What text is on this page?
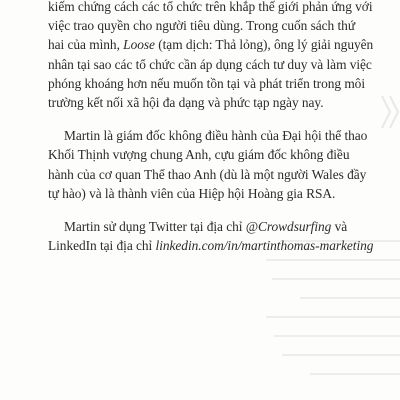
kiếm chứng cách các tổ chức trên khắp thế giới phản ứng với
việc trao quyền cho người tiêu dùng. Trong cuốn sách thứ
hai của mình, Loose (tạm dịch: Thả lỏng), ông lý giải nguyên
nhân tại sao các tổ chức cần áp dụng cách tư duy và làm việc
phóng khoáng hơn nếu muốn tồn tại và phát triển trong môi
trường kết nối xã hội đa dạng và phức tạp ngày nay.

Martin là giám đốc không điều hành của Đại hội thể thao
Khối Thịnh vượng chung Anh, cựu giám đốc không điều
hành của cơ quan Thể thao Anh (dù là một người Wales đầy
tự hào) và là thành viên của Hiệp hội Hoàng gia RSA.

Martin sử dụng Twitter tại địa chỉ @Crowdsurfing và
LinkedIn tại địa chỉ linkedin.com/in/martinthomas-marketing
